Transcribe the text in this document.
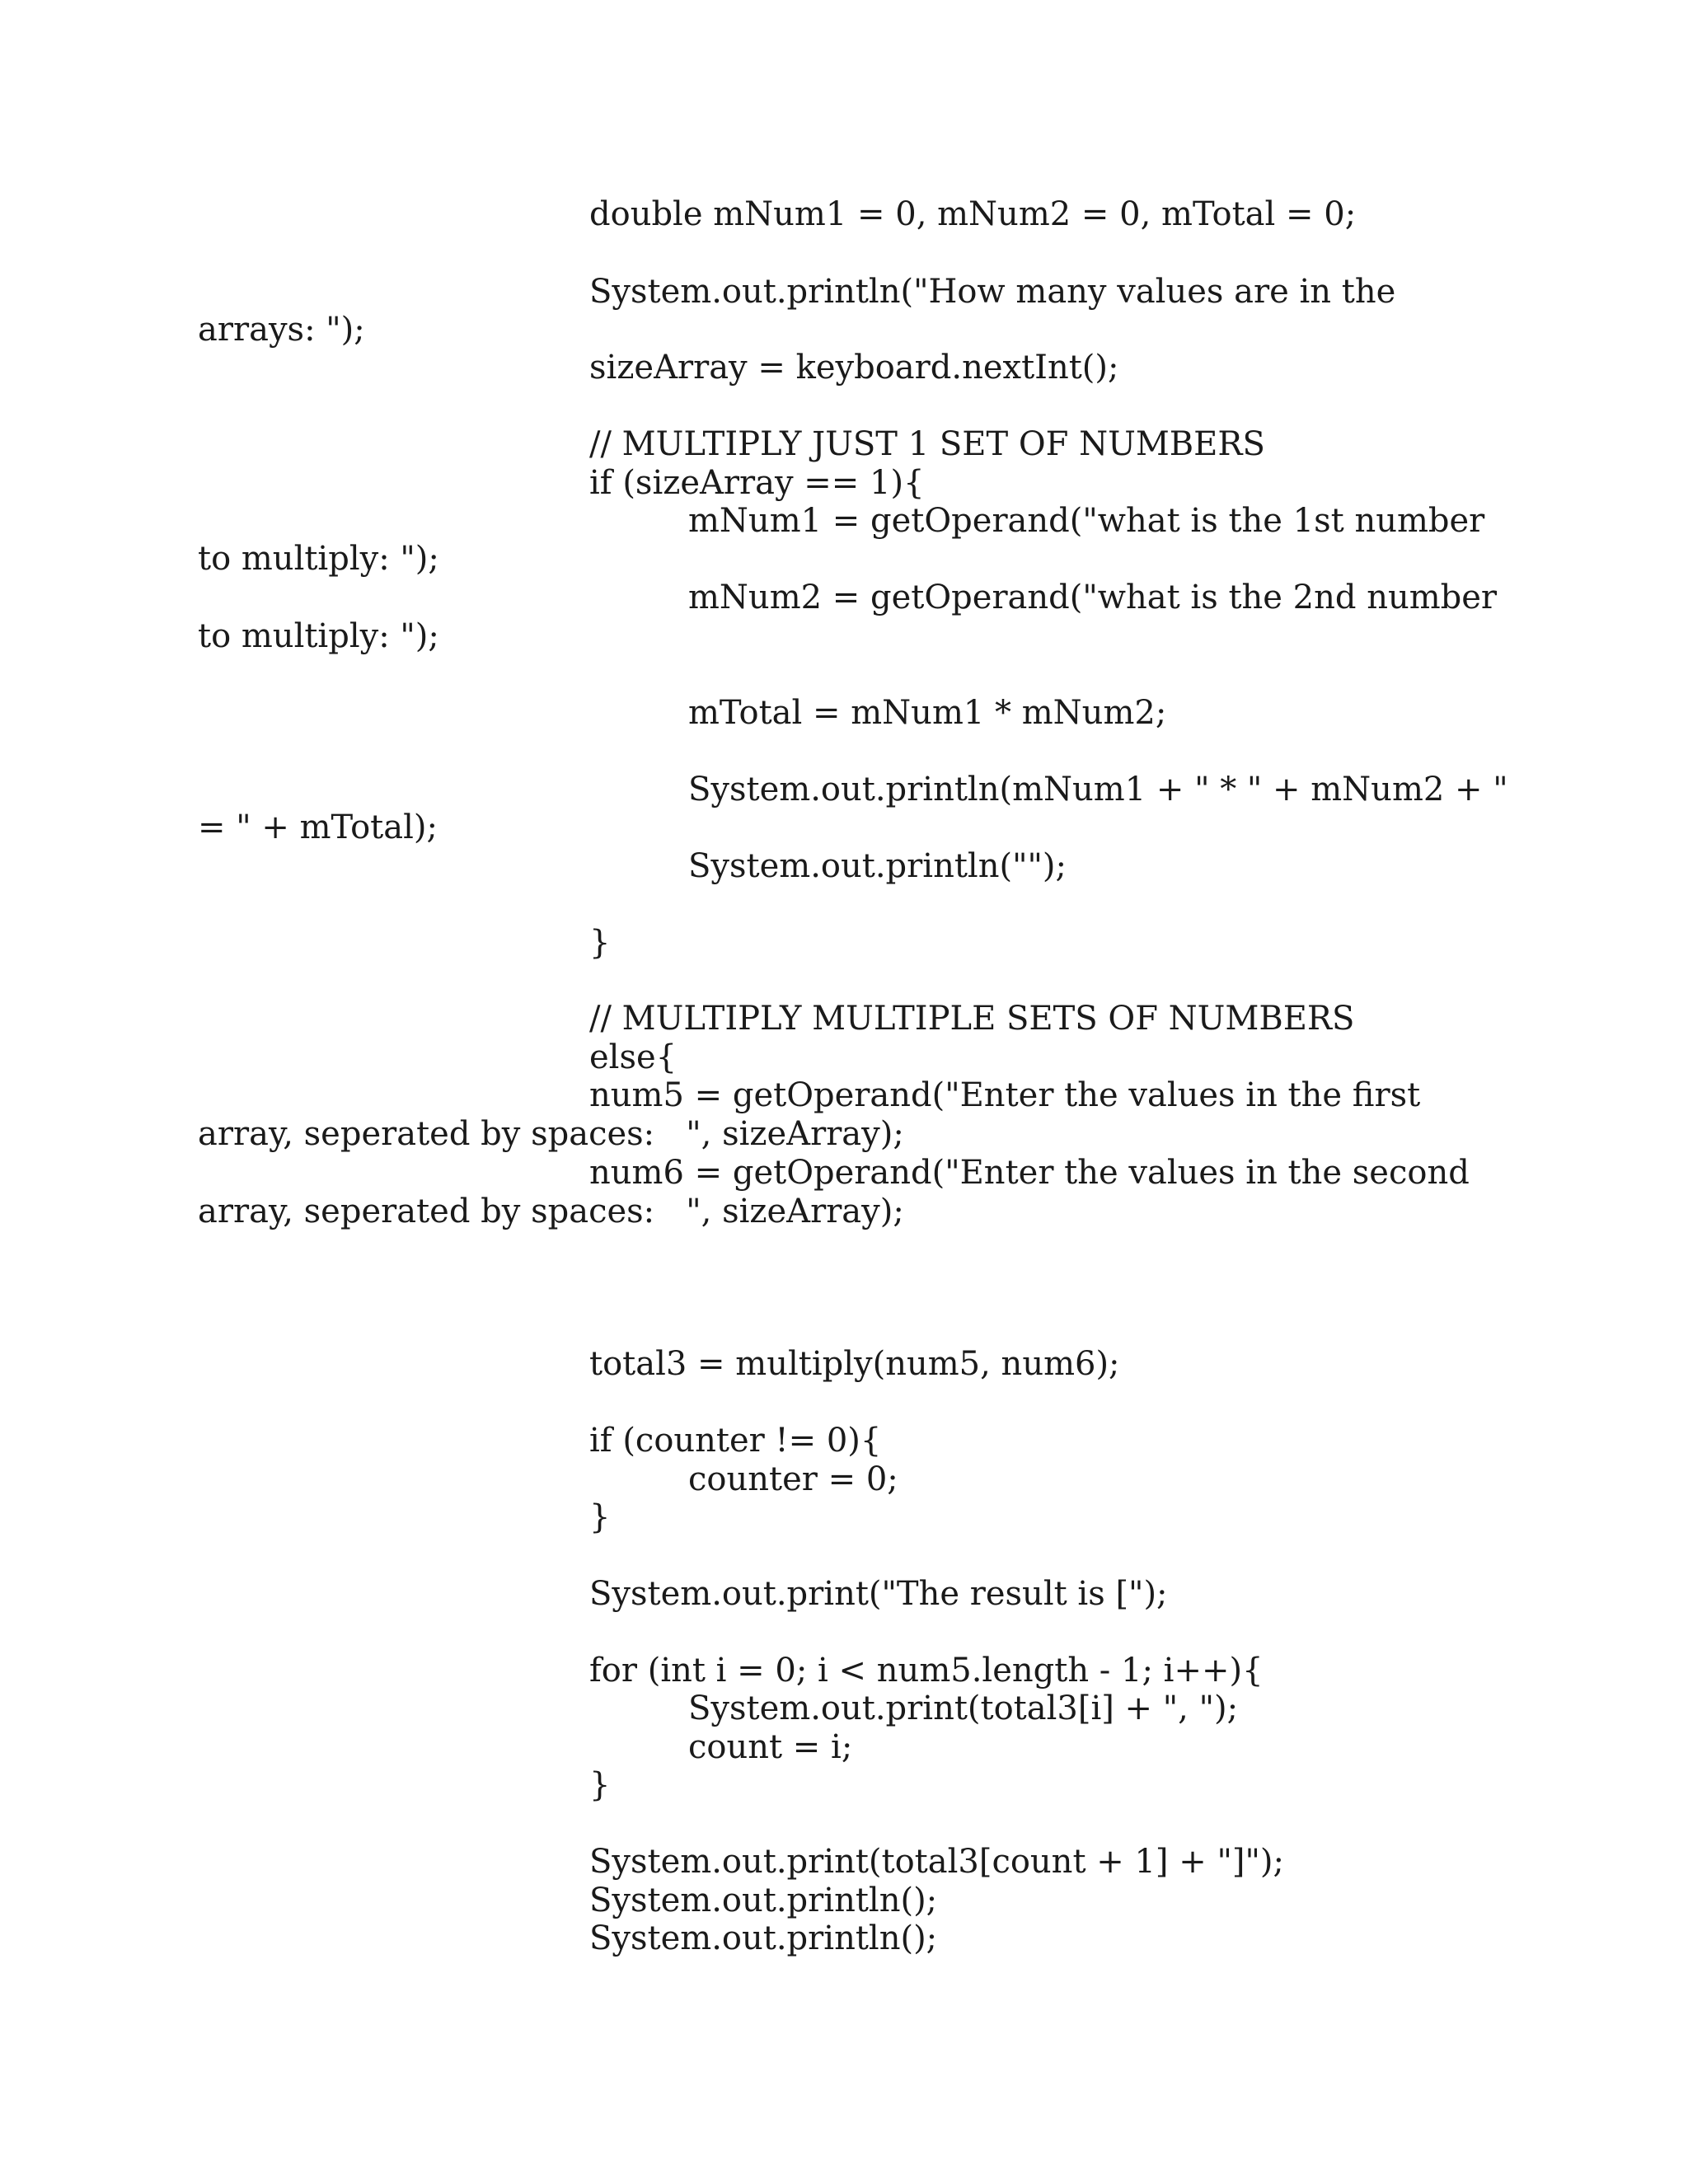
double mNum1 = 0, mNum2 = 0, mTotal = 0;

System.out.println("How many values are in the

arrays: ");

sizeArray = keyboard.nextInt();

// MULTIPLY JUST 1 SET OF NUMBERS

if (sizeArray == 1){

mNum1 = getOperand("what is the 1st number

to multiply: ");

mNum2 = getOperand("what is the 2nd number

to multiply: ");

mTotal = mNum1 * mNum2;

System.out.println(mNum1 + " * " + mNum2 + "

= " + mTotal);

System.out.println("");

}

// MULTIPLY MULTIPLE SETS OF NUMBERS

else{

num5 = getOperand("Enter the values in the first

array, seperated by spaces:   ", sizeArray);

num6 = getOperand("Enter the values in the second

array, seperated by spaces:   ", sizeArray);

total3 = multiply(num5, num6);

if (counter != 0){

counter = 0;

}

System.out.print("The result is [");

for (int i = 0; i < num5.length - 1; i++){

System.out.print(total3[i] + ", ");

count = i;

}

System.out.print(total3[count + 1] + "]");

System.out.println();

System.out.println();
